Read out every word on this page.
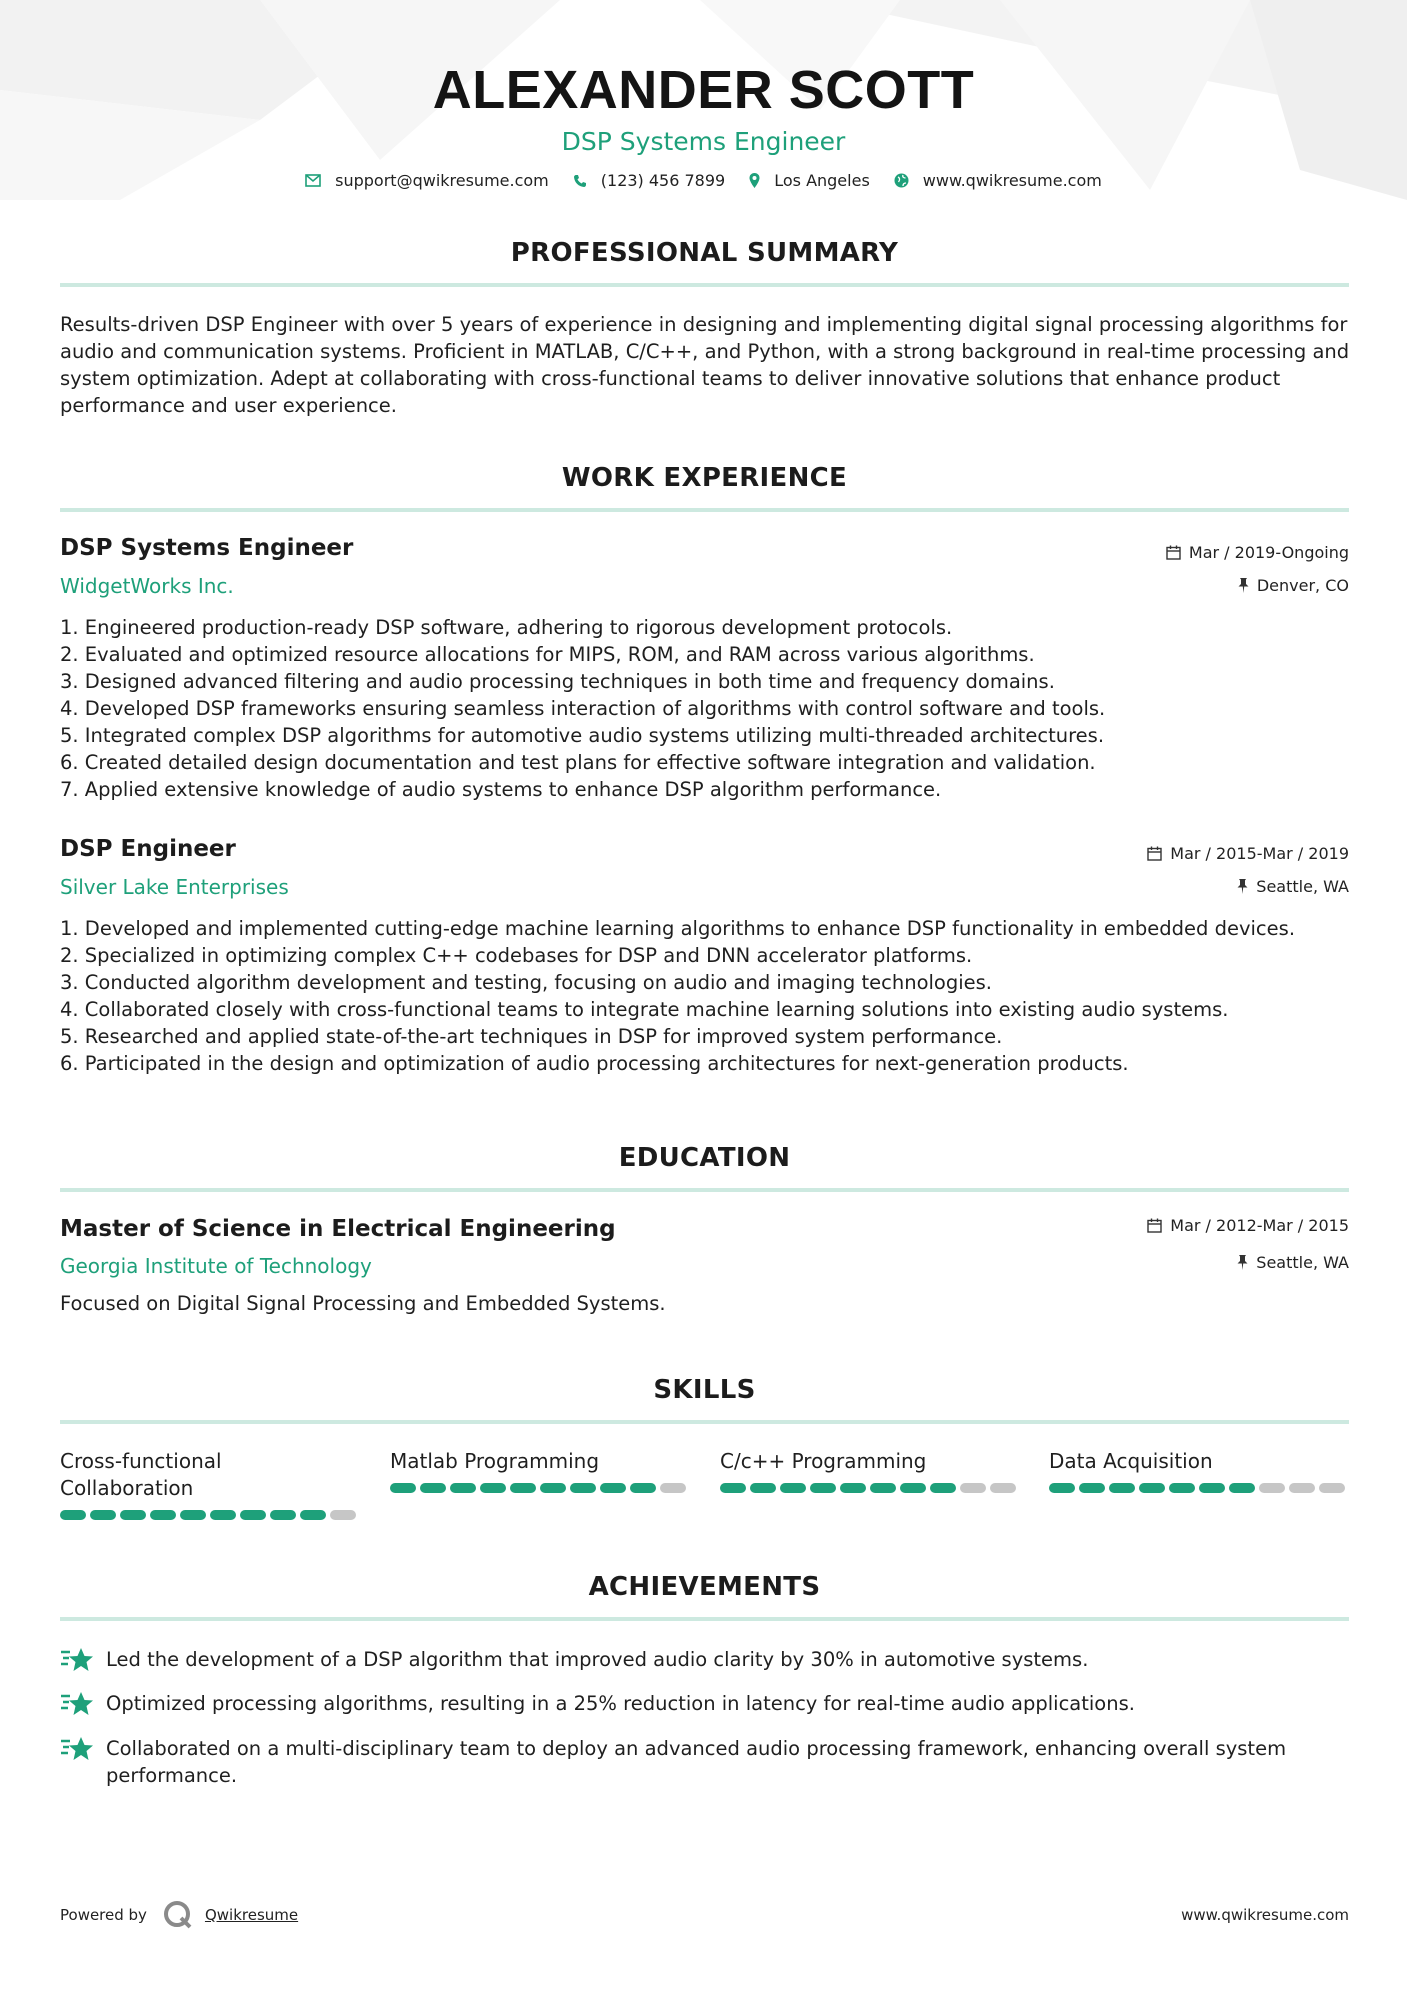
ALEXANDER SCOTT
DSP Systems Engineer
support@qwikresume.com	(123) 456 7899	Los Angeles	www.qwikresume.com
PROFESSIONAL SUMMARY
Results-driven DSP Engineer with over 5 years of experience in designing and implementing digital signal processing algorithms for audio and communication systems. Proficient in MATLAB, C/C++, and Python, with a strong background in real-time processing and system optimization. Adept at collaborating with cross-functional teams to deliver innovative solutions that enhance product performance and user experience.
WORK EXPERIENCE
DSP Systems Engineer	Mar / 2019-Ongoing
WidgetWorks Inc.	Denver, CO
1. Engineered production-ready DSP software, adhering to rigorous development protocols.
2. Evaluated and optimized resource allocations for MIPS, ROM, and RAM across various algorithms.
3. Designed advanced filtering and audio processing techniques in both time and frequency domains.
4. Developed DSP frameworks ensuring seamless interaction of algorithms with control software and tools.
5. Integrated complex DSP algorithms for automotive audio systems utilizing multi-threaded architectures.
6. Created detailed design documentation and test plans for effective software integration and validation.
7. Applied extensive knowledge of audio systems to enhance DSP algorithm performance.
DSP Engineer	Mar / 2015-Mar / 2019
Silver Lake Enterprises	Seattle, WA
1. Developed and implemented cutting-edge machine learning algorithms to enhance DSP functionality in embedded devices.
2. Specialized in optimizing complex C++ codebases for DSP and DNN accelerator platforms.
3. Conducted algorithm development and testing, focusing on audio and imaging technologies.
4. Collaborated closely with cross-functional teams to integrate machine learning solutions into existing audio systems.
5. Researched and applied state-of-the-art techniques in DSP for improved system performance.
6. Participated in the design and optimization of audio processing architectures for next-generation products.
EDUCATION
Master of Science in Electrical Engineering	Mar / 2012-Mar / 2015
Georgia Institute of Technology	Seattle, WA
Focused on Digital Signal Processing and Embedded Systems.
SKILLS
Cross-functional Collaboration
Matlab Programming	C/c++ Programming	Data Acquisition
ACHIEVEMENTS
Led the development of a DSP algorithm that improved audio clarity by 30% in automotive systems.
Optimized processing algorithms, resulting in a 25% reduction in latency for real-time audio applications.
Collaborated on a multi-disciplinary team to deploy an advanced audio processing framework, enhancing overall system performance.
Powered by	Qwikresume	www.qwikresume.com
